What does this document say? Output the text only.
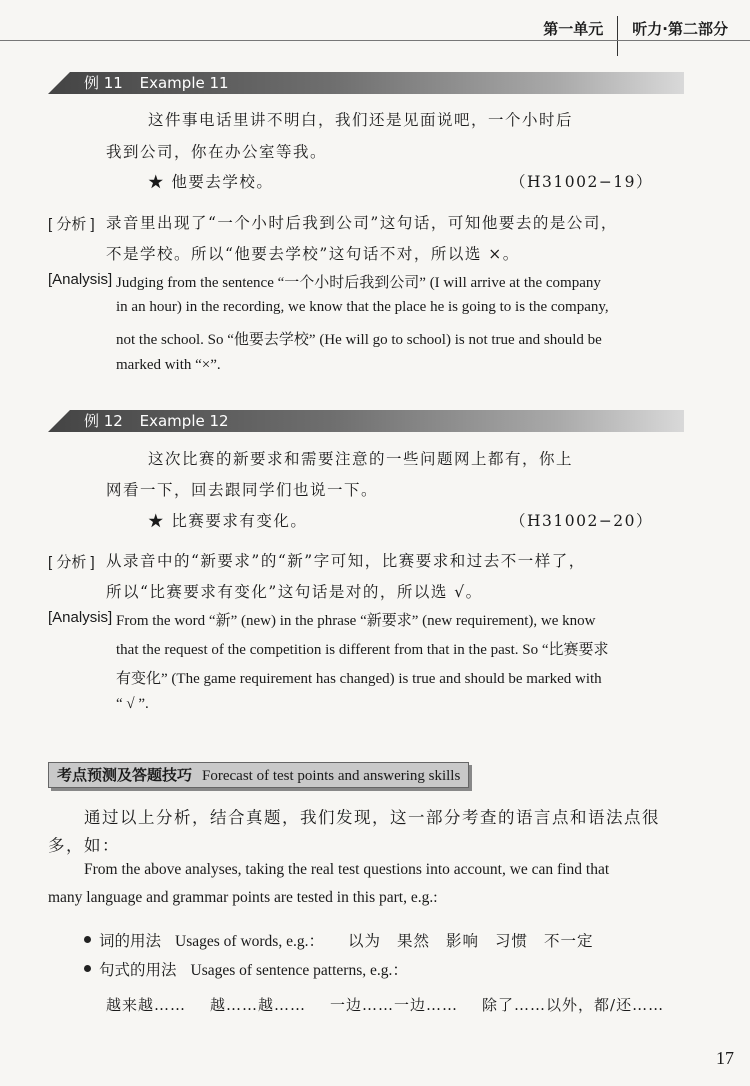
第一单元 听力·第二部分
例 11 Example 11
这件事电话里讲不明白，我们还是见面说吧，一个小时后
我到公司，你在办公室等我。
★ 他要去学校。	（H31002−19）
[ 分析 ] 录音里出现了“一个小时后我到公司”这句话，可知他要去的是公司，
不是学校。所以“他要去学校”这句话不对，所以选 ×。
[Analysis] Judging from the sentence “一个小时后我到公司” (I will arrive at the company
in an hour) in the recording, we know that the place he is going to is the company,
not the school. So “他要去学校” (He will go to school) is not true and should be
marked with “×”.
例 12 Example 12
这次比赛的新要求和需要注意的一些问题网上都有，你上
网看一下，回去跟同学们也说一下。
★ 比赛要求有变化。	（H31002−20）
[ 分析 ] 从录音中的“新要求”的“新”字可知，比赛要求和过去不一样了，
所以“比赛要求有变化”这句话是对的，所以选 √。
[Analysis] From the word “新” (new) in the phrase “新要求” (new requirement), we know
that the request of the competition is different from that in the past. So “比赛要求
有变化” (The game requirement has changed) is true and should be marked with
“ √ ”.
考点预测及答题技巧 Forecast of test points and answering skills
通过以上分析，结合真题，我们发现，这一部分考查的语言点和语法点很
多，如：
From the above analyses, taking the real test questions into account, we can find that
many language and grammar points are tested in this part, e.g.:
词的用法 Usages of words, e.g.： 以为 果然 影响 习惯 不一定
句式的用法 Usages of sentence patterns, e.g.：
越来越…… 越……越…… 一边……一边…… 除了……以外，都/还……
17
